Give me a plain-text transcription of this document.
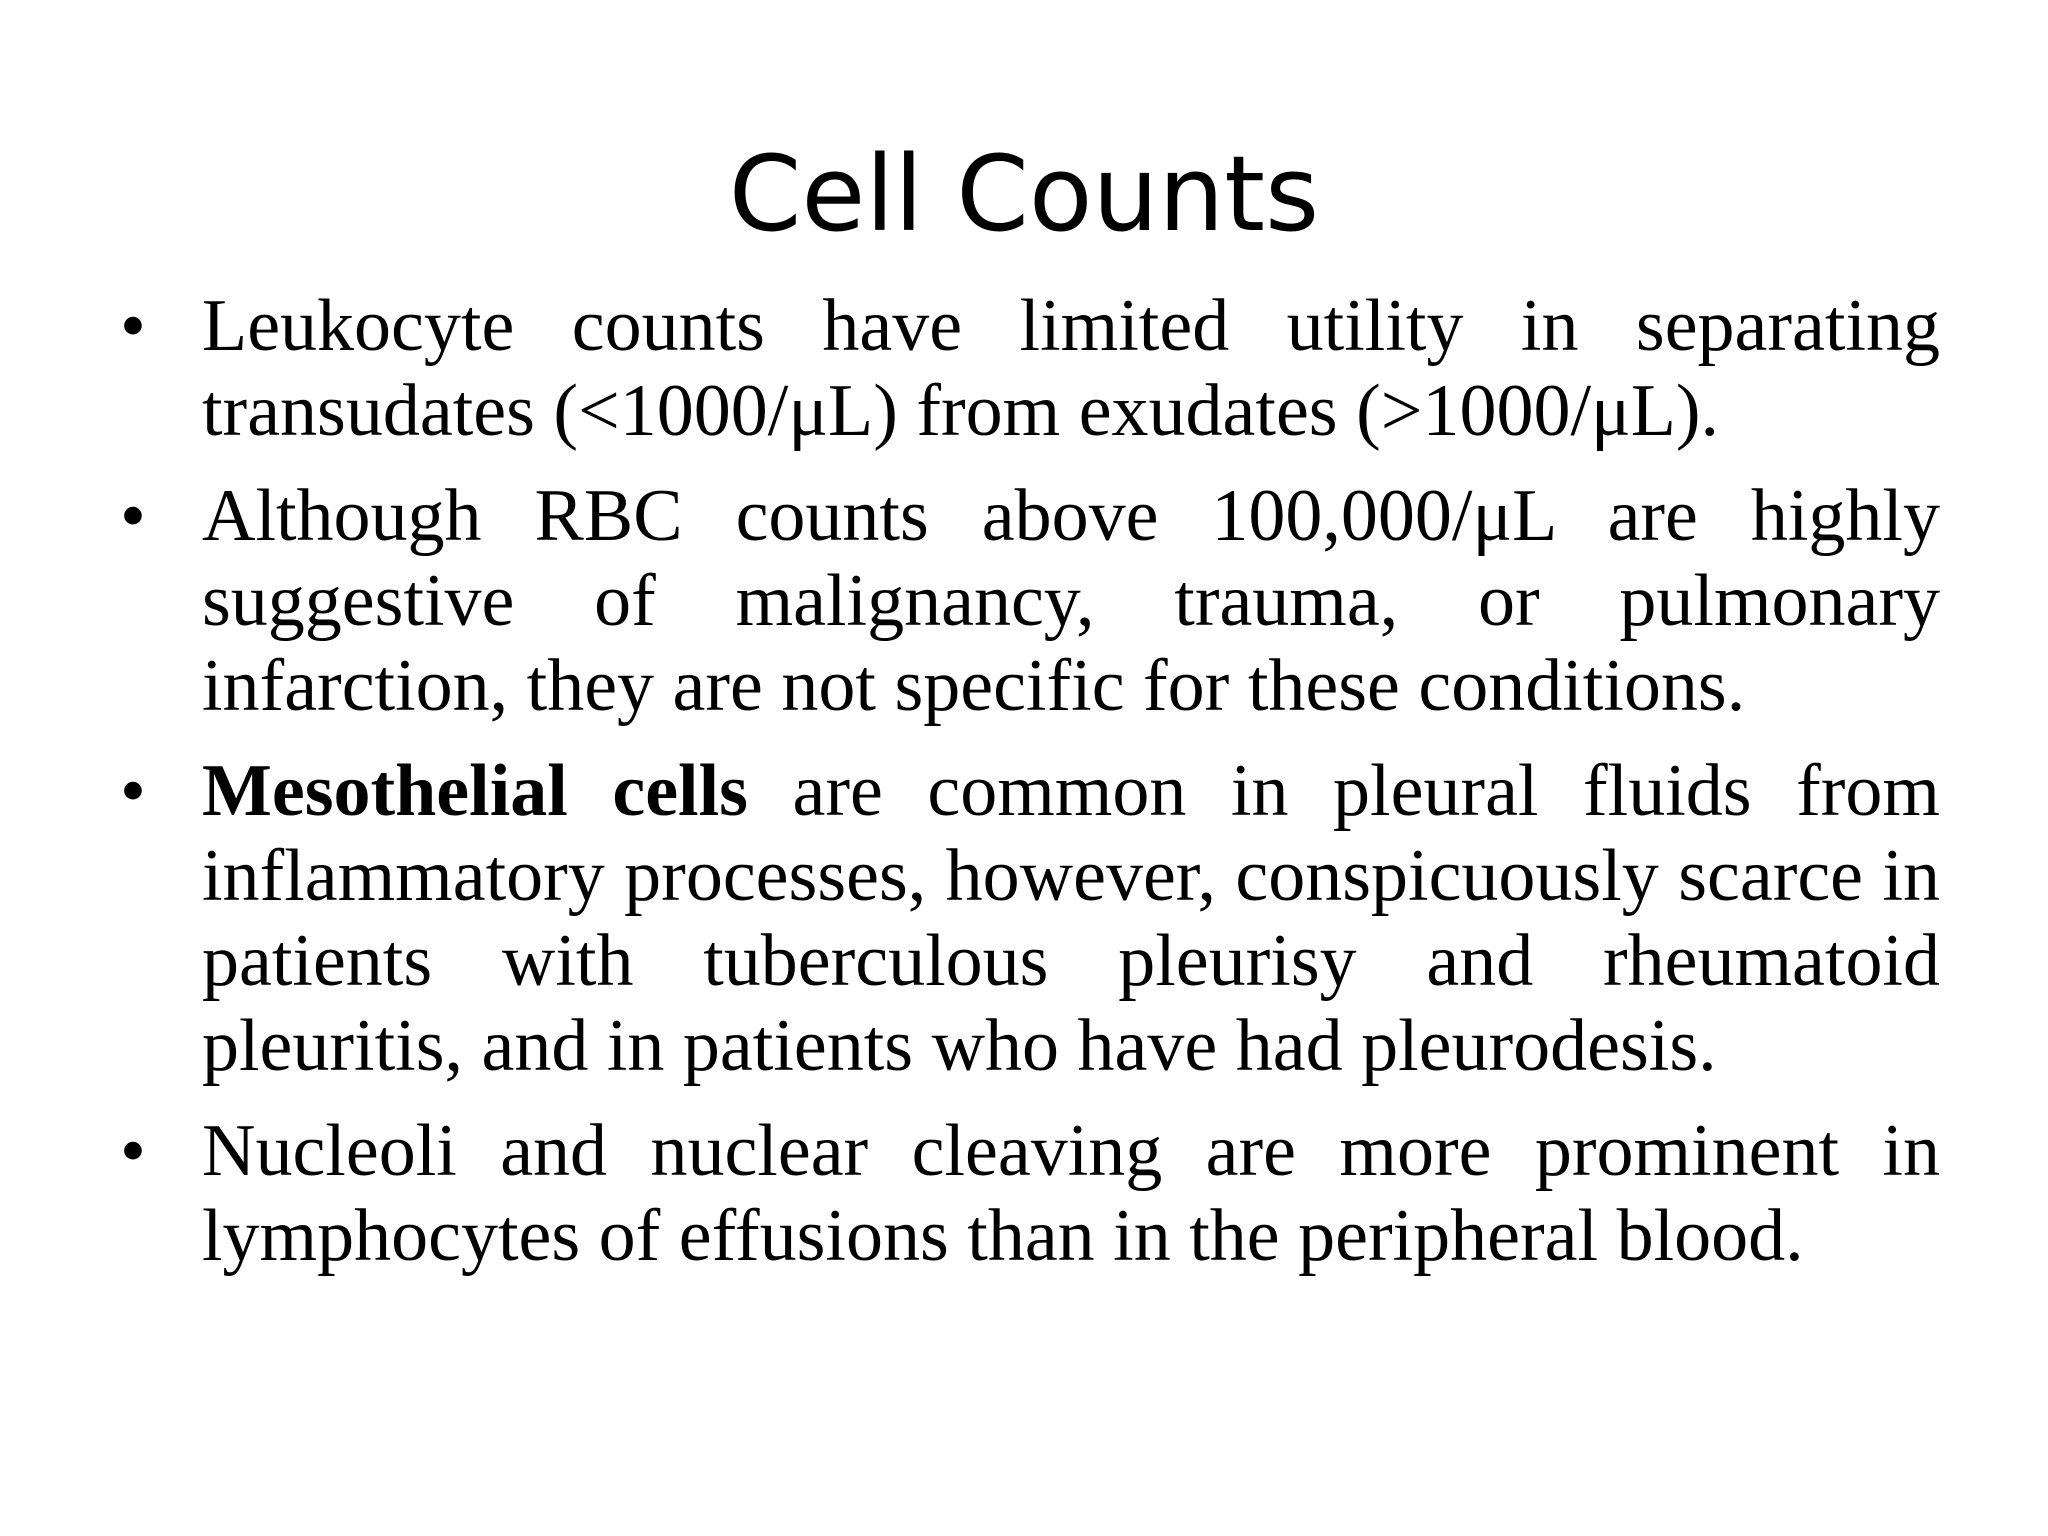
Cell Counts
• Leukocyte counts have limited utility in separating transudates (<1000/μL) from exudates (>1000/μL).
• Although RBC counts above 100,000/μL are highly suggestive of malignancy, trauma, or pulmonary infarction, they are not specific for these conditions.
• Mesothelial cells are common in pleural fluids from inflammatory processes, however, conspicuously scarce in patients with tuberculous pleurisy and rheumatoid pleuritis, and in patients who have had pleurodesis.
• Nucleoli and nuclear cleaving are more prominent in lymphocytes of effusions than in the peripheral blood.
